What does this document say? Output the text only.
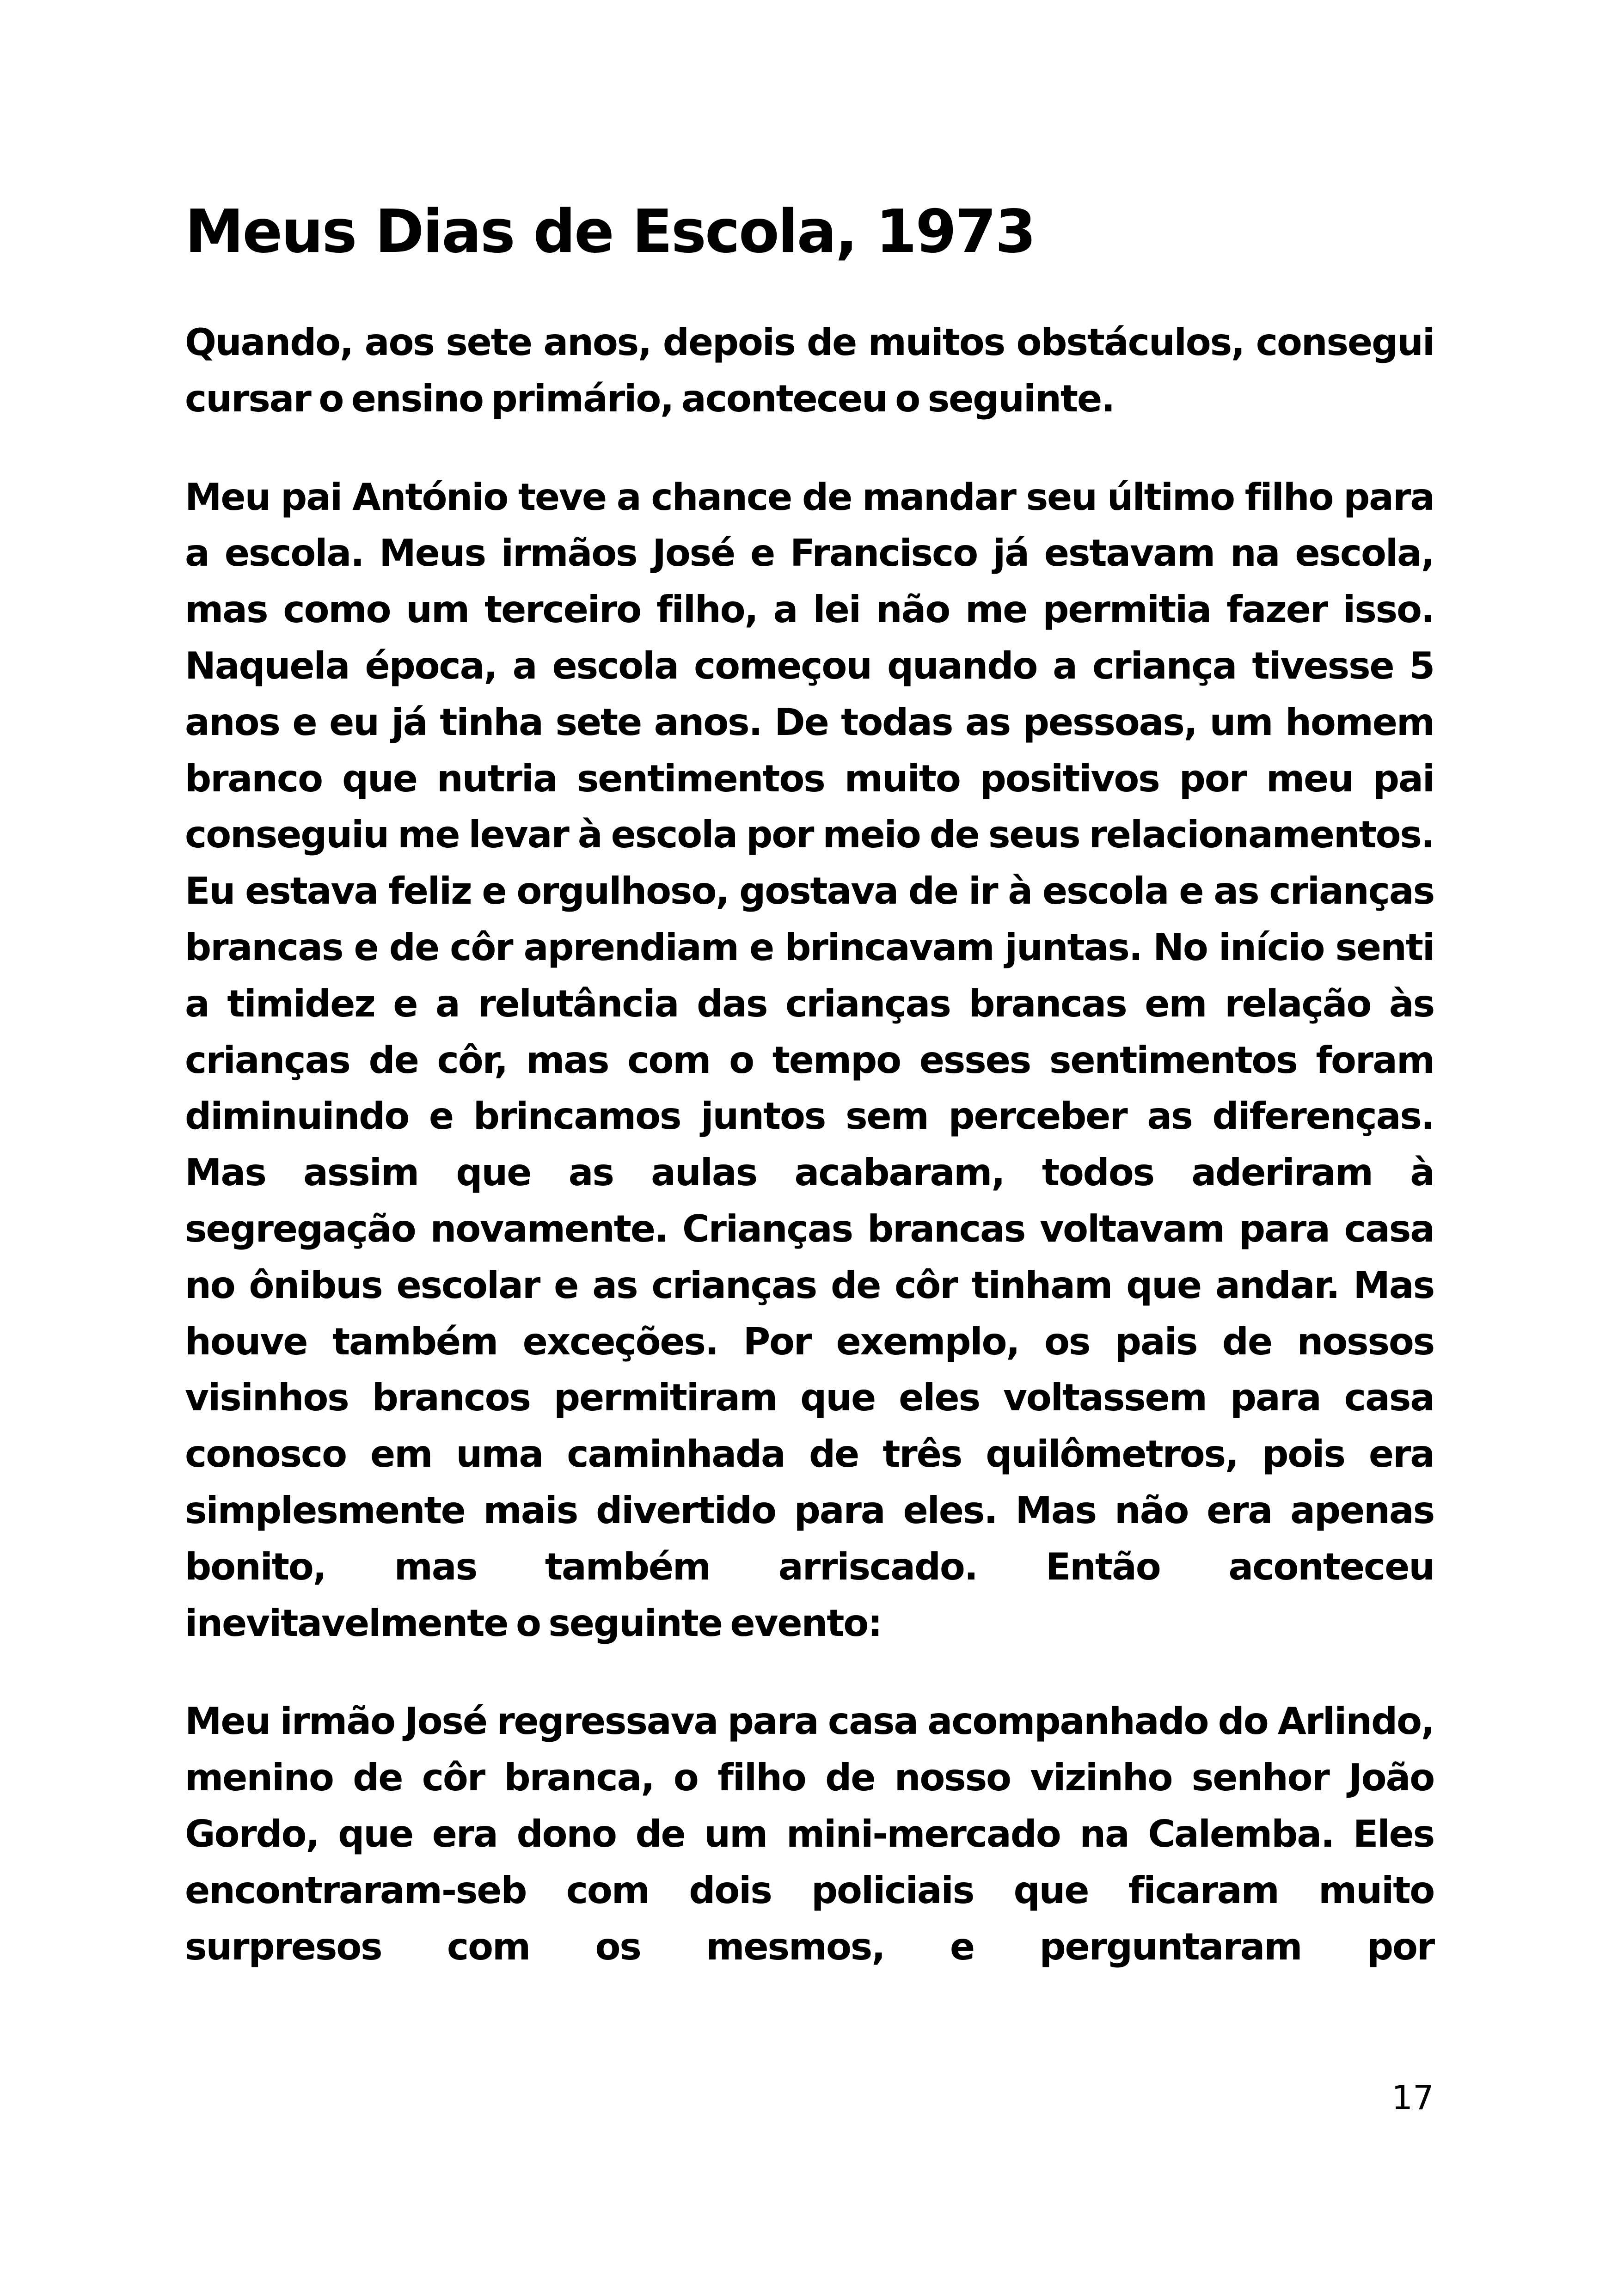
Meus Dias de Escola, 1973

Quando, aos sete anos, depois de muitos obstáculos, consegui cursar o ensino primário, aconteceu o seguinte.

Meu pai António teve a chance de mandar seu último filho para a escola. Meus irmãos José e Francisco já estavam na escola, mas como um terceiro filho, a lei não me permitia fazer isso. Naquela época, a escola começou quando a criança tivesse 5 anos e eu já tinha sete anos. De todas as pessoas, um homem branco que nutria sentimentos muito positivos por meu pai conseguiu me levar à escola por meio de seus relacionamentos. Eu estava feliz e orgulhoso, gostava de ir à escola e as crianças brancas e de côr aprendiam e brincavam juntas. No início senti a timidez e a relutância das crianças brancas em relação às crianças de côr, mas com o tempo esses sentimentos foram diminuindo e brincamos juntos sem perceber as diferenças. Mas assim que as aulas acabaram, todos aderiram à segregação novamente. Crianças brancas voltavam para casa no ônibus escolar e as crianças de côr tinham que andar. Mas houve também exceções. Por exemplo, os pais de nossos visinhos brancos permitiram que eles voltassem para casa conosco em uma caminhada de três quilômetros, pois era simplesmente mais divertido para eles. Mas não era apenas bonito, mas também arriscado. Então aconteceu inevitavelmente o seguinte evento:

Meu irmão José regressava para casa acompanhado do Arlindo, menino de côr branca, o filho de nosso vizinho senhor João Gordo, que era dono de um mini-mercado na Calemba. Eles encontraram-seb com dois policiais que ficaram muito surpresos com os mesmos, e perguntaram por

17
